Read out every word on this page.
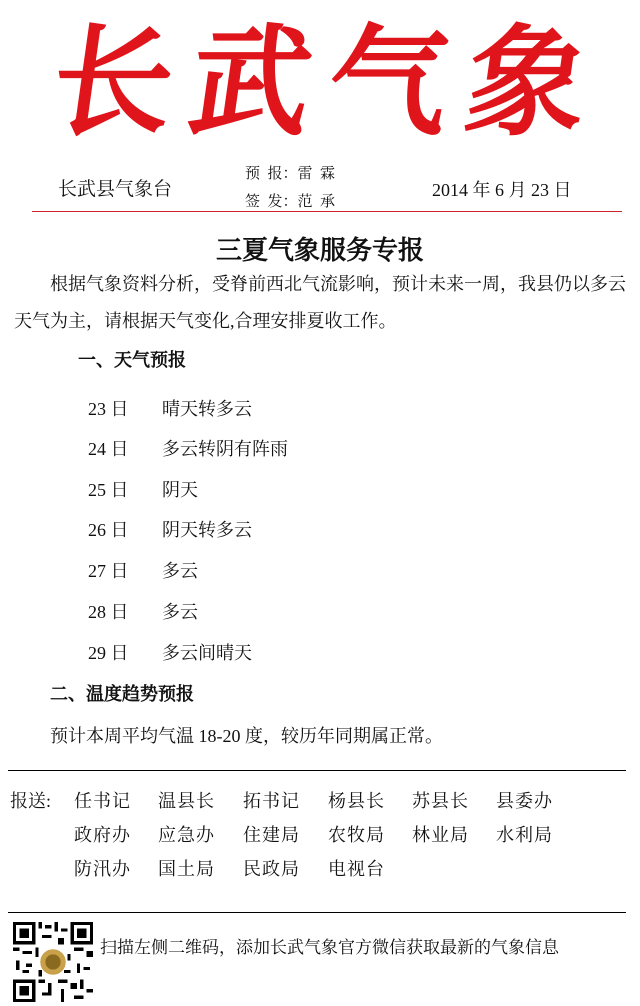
长
武
气
象
长武县气象台
预  报：雷  霖
签  发：范  承
2014 年 6 月 23 日
三夏气象服务专报
根据气象资料分析，受脊前西北气流影响，预计未来一周，我县仍以多云天气为主，请根据天气变化,合理安排夏收工作。
一、天气预报
23 日 晴天转多云
24 日 多云转阴有阵雨
25 日 阴天
26 日 阴天转多云
27 日 多云
28 日 多云
29 日 多云间晴天
二、温度趋势预报
预计本周平均气温 18-20 度，较历年同期属正常。
报送: 任书记 温县长 拓书记 杨县长 苏县长 县委办
政府办 应急办 住建局 农牧局 林业局 水利局
防汛办 国土局 民政局 电视台
扫描左侧二维码，添加长武气象官方微信获取最新的气象信息
